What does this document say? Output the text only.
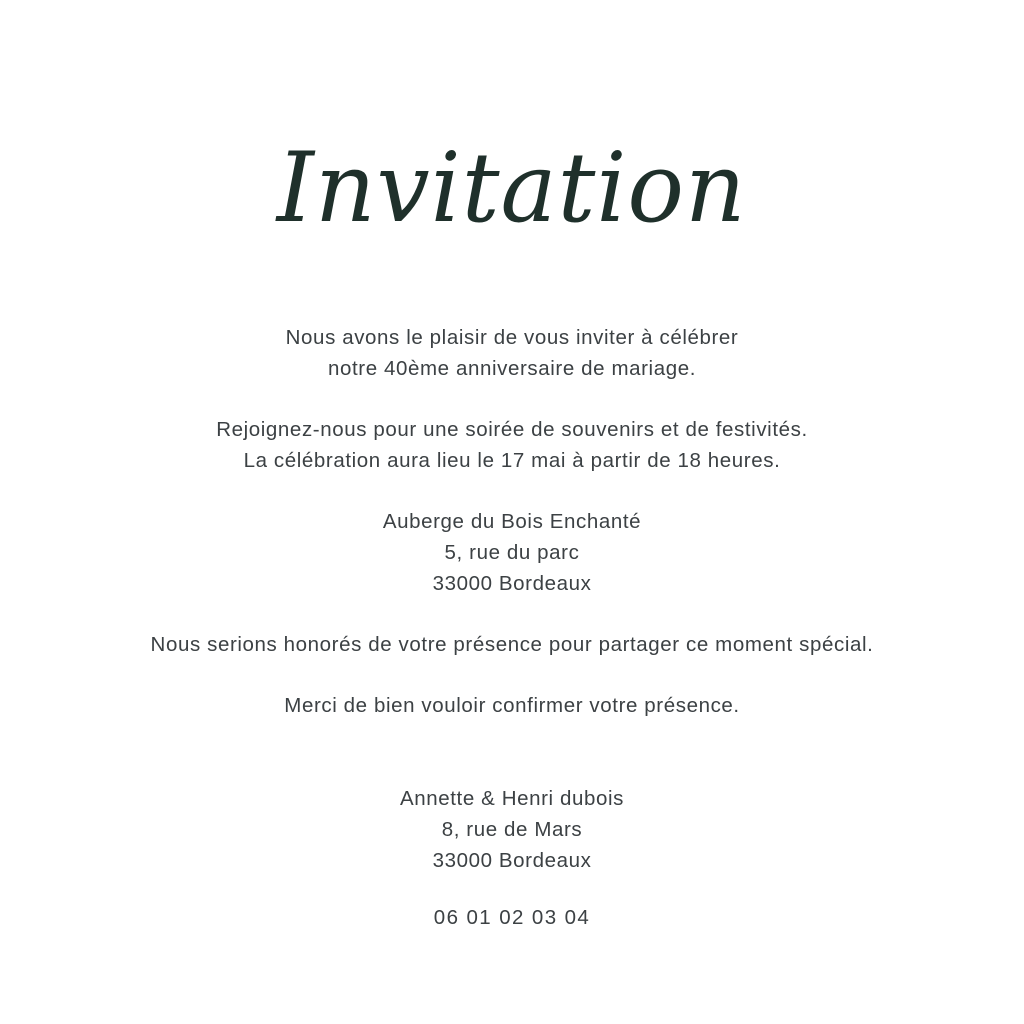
Invitation
Nous avons le plaisir de vous inviter à célébrer
notre 40ème anniversaire de mariage.
Rejoignez-nous pour une soirée de souvenirs et de festivités.
La célébration aura lieu le 17 mai à partir de 18 heures.
Auberge du Bois Enchanté
5, rue du parc
33000 Bordeaux
Nous serions honorés de votre présence pour partager ce moment spécial.
Merci de bien vouloir confirmer votre présence.
Annette & Henri dubois
8, rue de Mars
33000 Bordeaux
06 01 02 03 04
